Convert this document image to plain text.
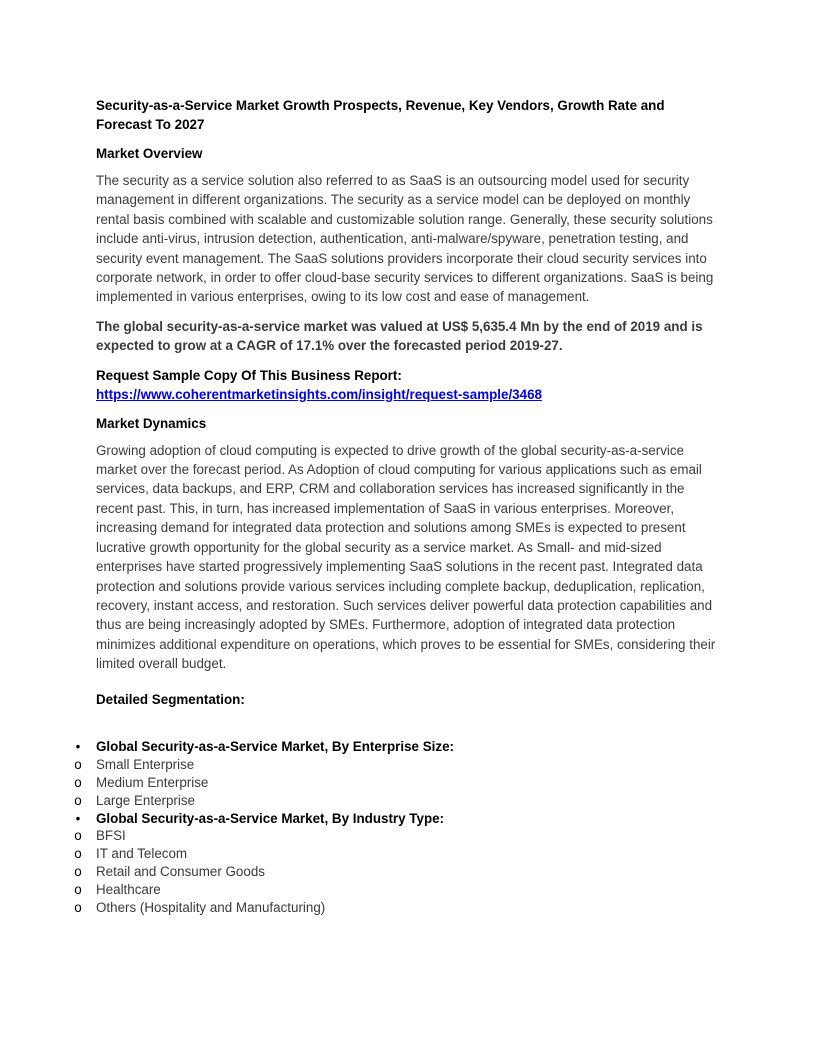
Security-as-a-Service Market Growth Prospects, Revenue, Key Vendors, Growth Rate and Forecast To 2027

Market Overview

The security as a service solution also referred to as SaaS is an outsourcing model used for security management in different organizations. The security as a service model can be deployed on monthly rental basis combined with scalable and customizable solution range. Generally, these security solutions include anti-virus, intrusion detection, authentication, anti-malware/spyware, penetration testing, and security event management. The SaaS solutions providers incorporate their cloud security services into corporate network, in order to offer cloud-base security services to different organizations. SaaS is being implemented in various enterprises, owing to its low cost and ease of management.

The global security-as-a-service market was valued at US$ 5,635.4 Mn by the end of 2019 and is expected to grow at a CAGR of 17.1% over the forecasted period 2019-27.

Request Sample Copy Of This Business Report:
https://www.coherentmarketinsights.com/insight/request-sample/3468

Market Dynamics

Growing adoption of cloud computing is expected to drive growth of the global security-as-a-service market over the forecast period. As Adoption of cloud computing for various applications such as email services, data backups, and ERP, CRM and collaboration services has increased significantly in the recent past. This, in turn, has increased implementation of SaaS in various enterprises. Moreover, increasing demand for integrated data protection and solutions among SMEs is expected to present lucrative growth opportunity for the global security as a service market. As Small- and mid-sized enterprises have started progressively implementing SaaS solutions in the recent past. Integrated data protection and solutions provide various services including complete backup, deduplication, replication, recovery, instant access, and restoration. Such services deliver powerful data protection capabilities and thus are being increasingly adopted by SMEs. Furthermore, adoption of integrated data protection minimizes additional expenditure on operations, which proves to be essential for SMEs, considering their limited overall budget.

Detailed Segmentation:

• Global Security-as-a-Service Market, By Enterprise Size:
o Small Enterprise
o Medium Enterprise
o Large Enterprise
• Global Security-as-a-Service Market, By Industry Type:
o BFSI
o IT and Telecom
o Retail and Consumer Goods
o Healthcare
o Others (Hospitality and Manufacturing)
